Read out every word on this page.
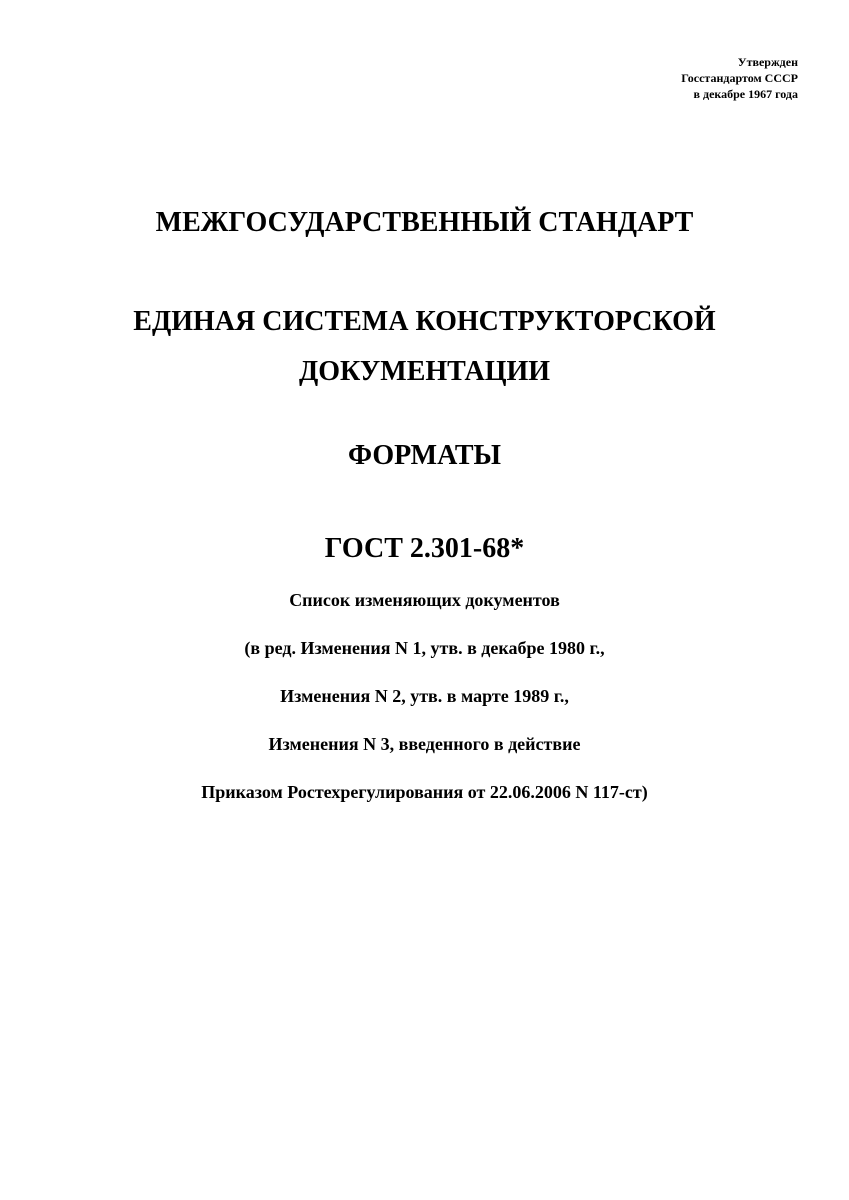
Утвержден
Госстандартом СССР
в декабре 1967 года
МЕЖГОСУДАРСТВЕННЫЙ СТАНДАРТ
ЕДИНАЯ СИСТЕМА КОНСТРУКТОРСКОЙ
ДОКУМЕНТАЦИИ
ФОРМАТЫ
ГОСТ 2.301-68*
Список изменяющих документов
(в ред. Изменения N 1, утв. в декабре 1980 г.,
Изменения N 2, утв. в марте 1989 г.,
Изменения N 3, введенного в действие
Приказом Ростехрегулирования от 22.06.2006 N 117-ст)
